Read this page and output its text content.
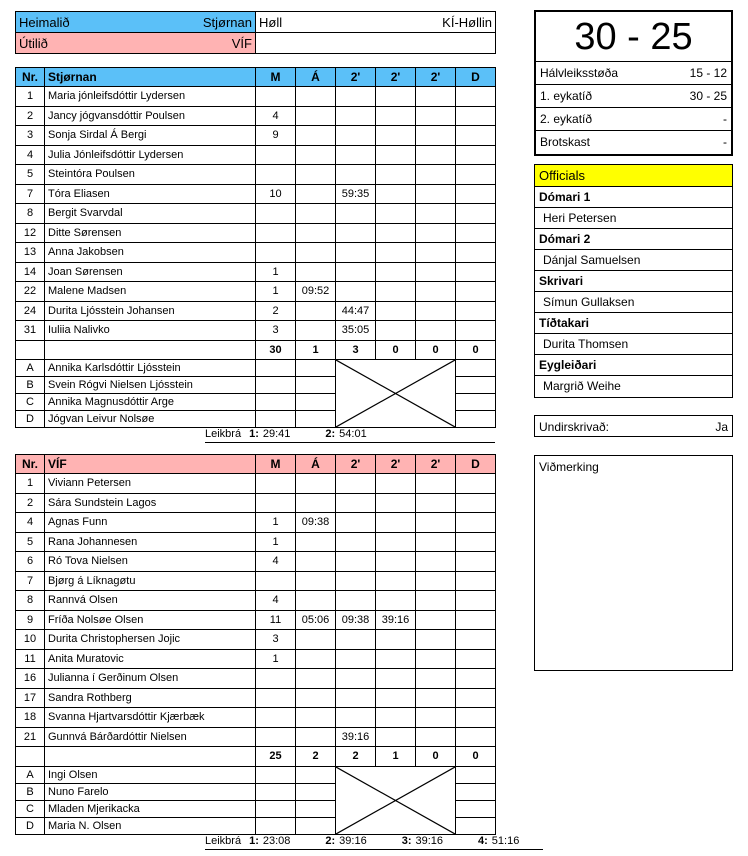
Heimalið Stjørnan	Høll KÍ-Høllin

Útilið VÍF	

Nr.	Stjørnan	M	Á	2'	2'	2'	D
1	Maria jónleifsdóttir Lydersen						
2	Jancy jógvansdóttir Poulsen	4					
3	Sonja Sirdal Á Bergi	9					
4	Julia Jónleifsdóttir Lydersen						
5	Steintóra Poulsen						
7	Tóra Eliasen	10		59:35			
8	Bergit Svarvdal						
12	Ditte Sørensen						
13	Anna Jakobsen						
14	Joan Sørensen	1					
22	Malene Madsen	1	09:52				
24	Durita Ljósstein Johansen	2		44:47			
31	Iuliia Nalivko	3		35:05			
		30	1	3	0	0	0
A	Annika Karlsdóttir Ljósstein			

B	Svein Rógvi Nielsen Ljósstein						
C	Annika Magnusdóttir Arge						
D	Jógvan Leivur Nolsøe						
Leikbrá 1: 29:41	2: 54:01
Nr.	VÍF	M	Á	2'	2'	2'	D
1	Viviann Petersen						
2	Sára Sundstein Lagos						
4	Agnas Funn	1	09:38				
5	Rana Johannesen	1					
6	Ró Tova Nielsen	4					
7	Bjørg á Líknagøtu						
8	Rannvá Olsen	4					
9	Fríða Nolsøe Olsen	11	05:06	09:38	39:16		
10	Durita Christophersen Jojic	3					
11	Anita Muratovic	1					
16	Julianna í Gerðinum Olsen						
17	Sandra Rothberg						
18	Svanna Hjartvarsdóttir Kjærbæk						
21	Gunnvá Bárðardóttir Nielsen			39:16			
		25	2	2	1	0	0
A	Ingi Olsen			

B	Nuno Farelo						
C	Mladen Mjerikacka						
D	Maria N. Olsen						
Leikbrá 1: 23:08	2: 39:16	3: 39:16	4: 51:16
30 - 25
Hálvleiksstøða	15 - 12
1. eykatíð	30 - 25
2. eykatíð	-
Brotskast	-
Officials
Dómari 1
Heri Petersen
Dómari 2
Dánjal Samuelsen
Skrivari
Símun Gullaksen
Tíðtakari
Durita Thomsen
Eygleiðari
Margrið Weihe
Undirskrivað:	Ja
Viðmerking
